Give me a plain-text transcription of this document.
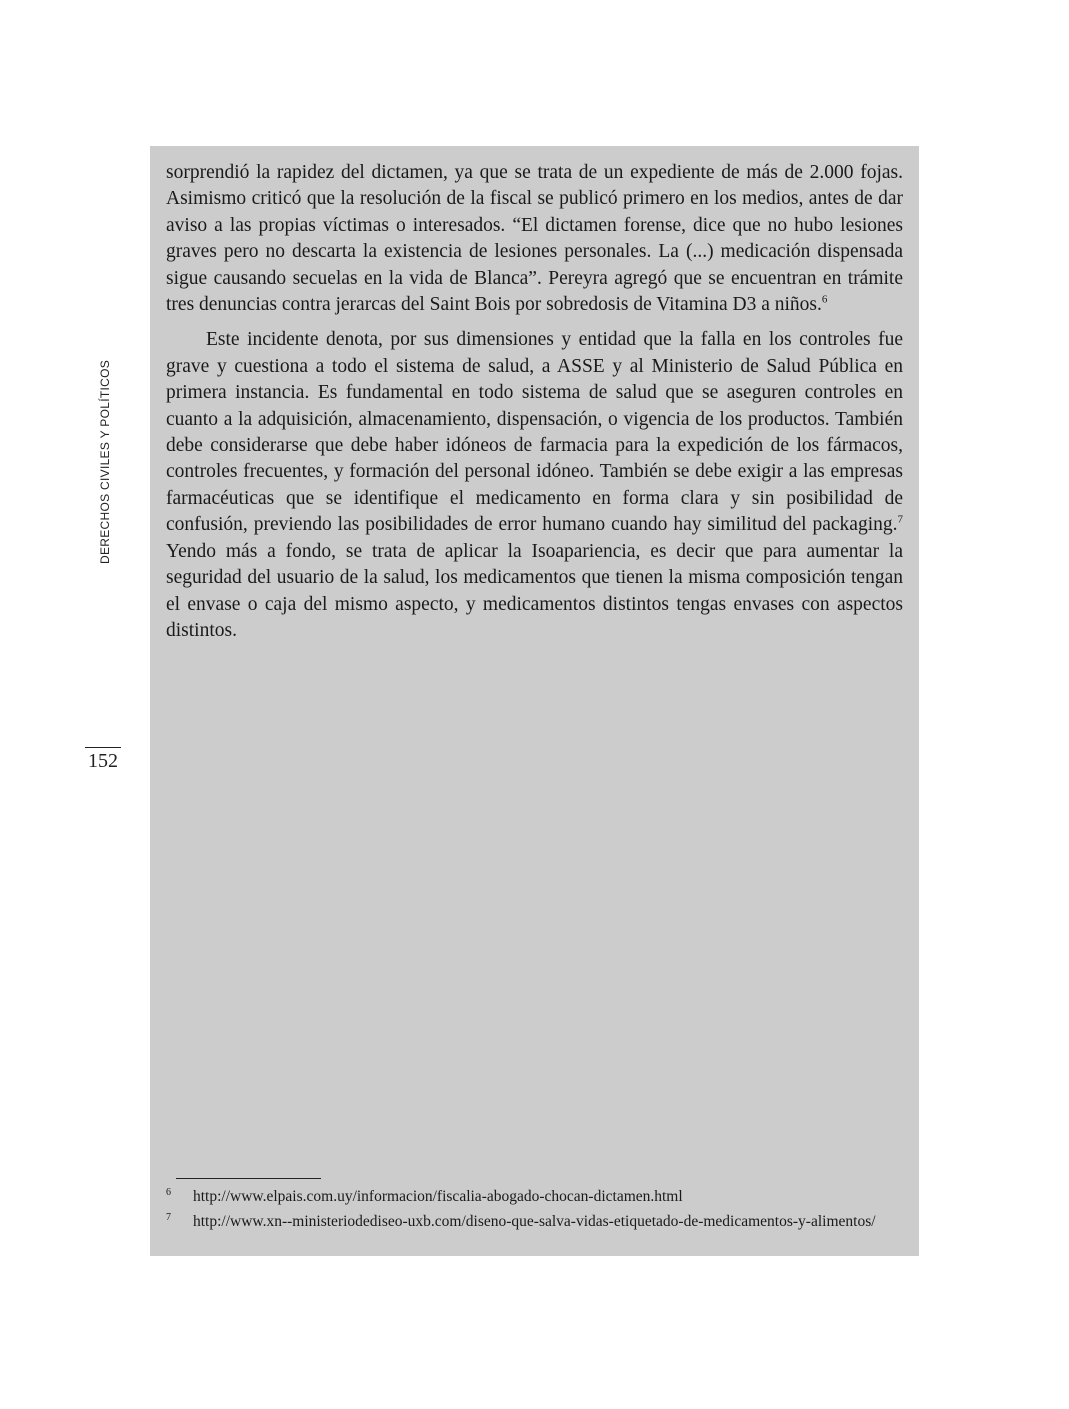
DERECHOS CIVILES Y POLÍTICOS
152

sorprendió la rapidez del dictamen, ya que se trata de un expediente de más de 2.000 fojas. Asimismo criticó que la resolución de la fiscal se publicó primero en los medios, antes de dar aviso a las propias víctimas o interesados. “El dictamen forense, dice que no hubo lesiones graves pero no descarta la existencia de lesiones personales. La (...) medicación dispensada sigue causando secuelas en la vida de Blanca”. Pereyra agregó que se encuentran en trámite tres denuncias contra jerarcas del Saint Bois por sobredosis de Vitamina D3 a niños.$^6$

Este incidente denota, por sus dimensiones y entidad que la falla en los controles fue grave y cuestiona a todo el sistema de salud, a ASSE y al Ministerio de Salud Pública en primera instancia. Es fundamental en todo sistema de salud que se aseguren controles en cuanto a la adquisición, almacenamiento, dispensación, o vigencia de los productos. También debe considerarse que debe haber idóneos de farmacia para la expedición de los fármacos, controles frecuentes, y formación del personal idóneo. También se debe exigir a las empresas farmacéuticas que se identifique el medicamento en forma clara y sin posibilidad de confusión, previendo las posibilidades de error humano cuando hay similitud del packaging.$^7$ Yendo más a fondo, se trata de aplicar la Isoapariencia, es decir que para aumentar la seguridad del usuario de la salud, los medicamentos que tienen la misma composición tengan el envase o caja del mismo aspecto, y medicamentos distintos tengas envases con aspectos distintos.

6 http://www.elpais.com.uy/informacion/fiscalia-abogado-chocan-dictamen.html
7 http://www.xn--ministeriodediseo-uxb.com/diseno-que-salva-vidas-etiquetado-de-medicamentos-y-alimentos/
